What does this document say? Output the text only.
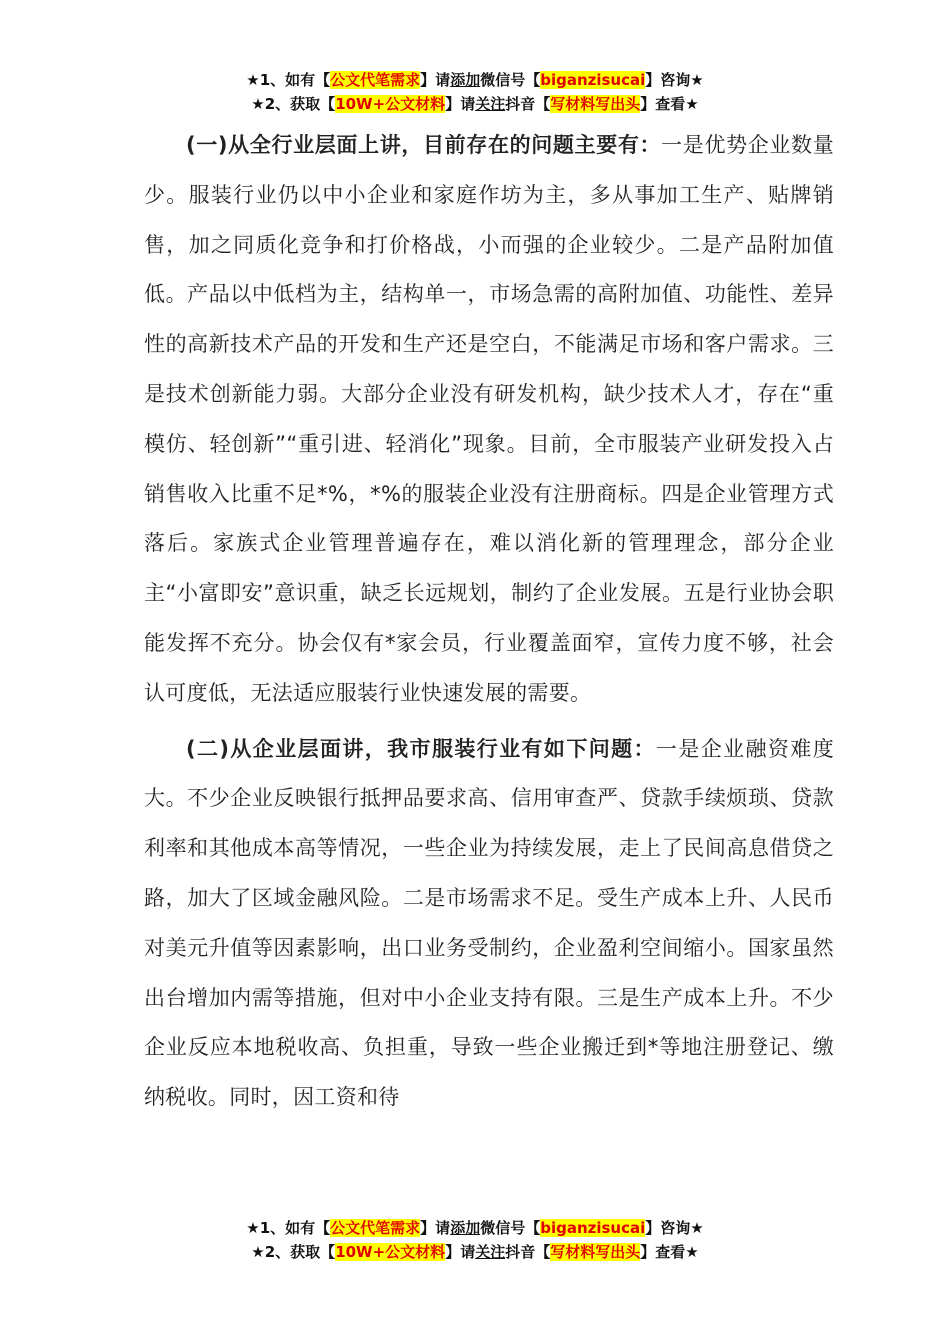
★1、如有【公文代笔需求】请添加微信号【biganzisucai】咨询★
★2、获取【10W+公文材料】请关注抖音【写材料写出头】查看★

(一)从全行业层面上讲，目前存在的问题主要有：一是优势企业数量少。服装行业仍以中小企业和家庭作坊为主，多从事加工生产、贴牌销售，加之同质化竞争和打价格战，小而强的企业较少。二是产品附加值低。产品以中低档为主，结构单一，市场急需的高附加值、功能性、差异性的高新技术产品的开发和生产还是空白，不能满足市场和客户需求。三是技术创新能力弱。大部分企业没有研发机构，缺少技术人才，存在“重模仿、轻创新”“重引进、轻消化”现象。目前，全市服装产业研发投入占销售收入比重不足*%，*%的服装企业没有注册商标。四是企业管理方式落后。家族式企业管理普遍存在，难以消化新的管理理念，部分企业主“小富即安”意识重，缺乏长远规划，制约了企业发展。五是行业协会职能发挥不充分。协会仅有*家会员，行业覆盖面窄，宣传力度不够，社会认可度低，无法适应服装行业快速发展的需要。

(二)从企业层面讲，我市服装行业有如下问题：一是企业融资难度大。不少企业反映银行抵押品要求高、信用审查严、贷款手续烦琐、贷款利率和其他成本高等情况，一些企业为持续发展，走上了民间高息借贷之路，加大了区域金融风险。二是市场需求不足。受生产成本上升、人民币对美元升值等因素影响，出口业务受制约，企业盈利空间缩小。国家虽然出台增加内需等措施，但对中小企业支持有限。三是生产成本上升。不少企业反应本地税收高、负担重，导致一些企业搬迁到*等地注册登记、缴纳税收。同时，因工资和待

★1、如有【公文代笔需求】请添加微信号【biganzisucai】咨询★
★2、获取【10W+公文材料】请关注抖音【写材料写出头】查看★
